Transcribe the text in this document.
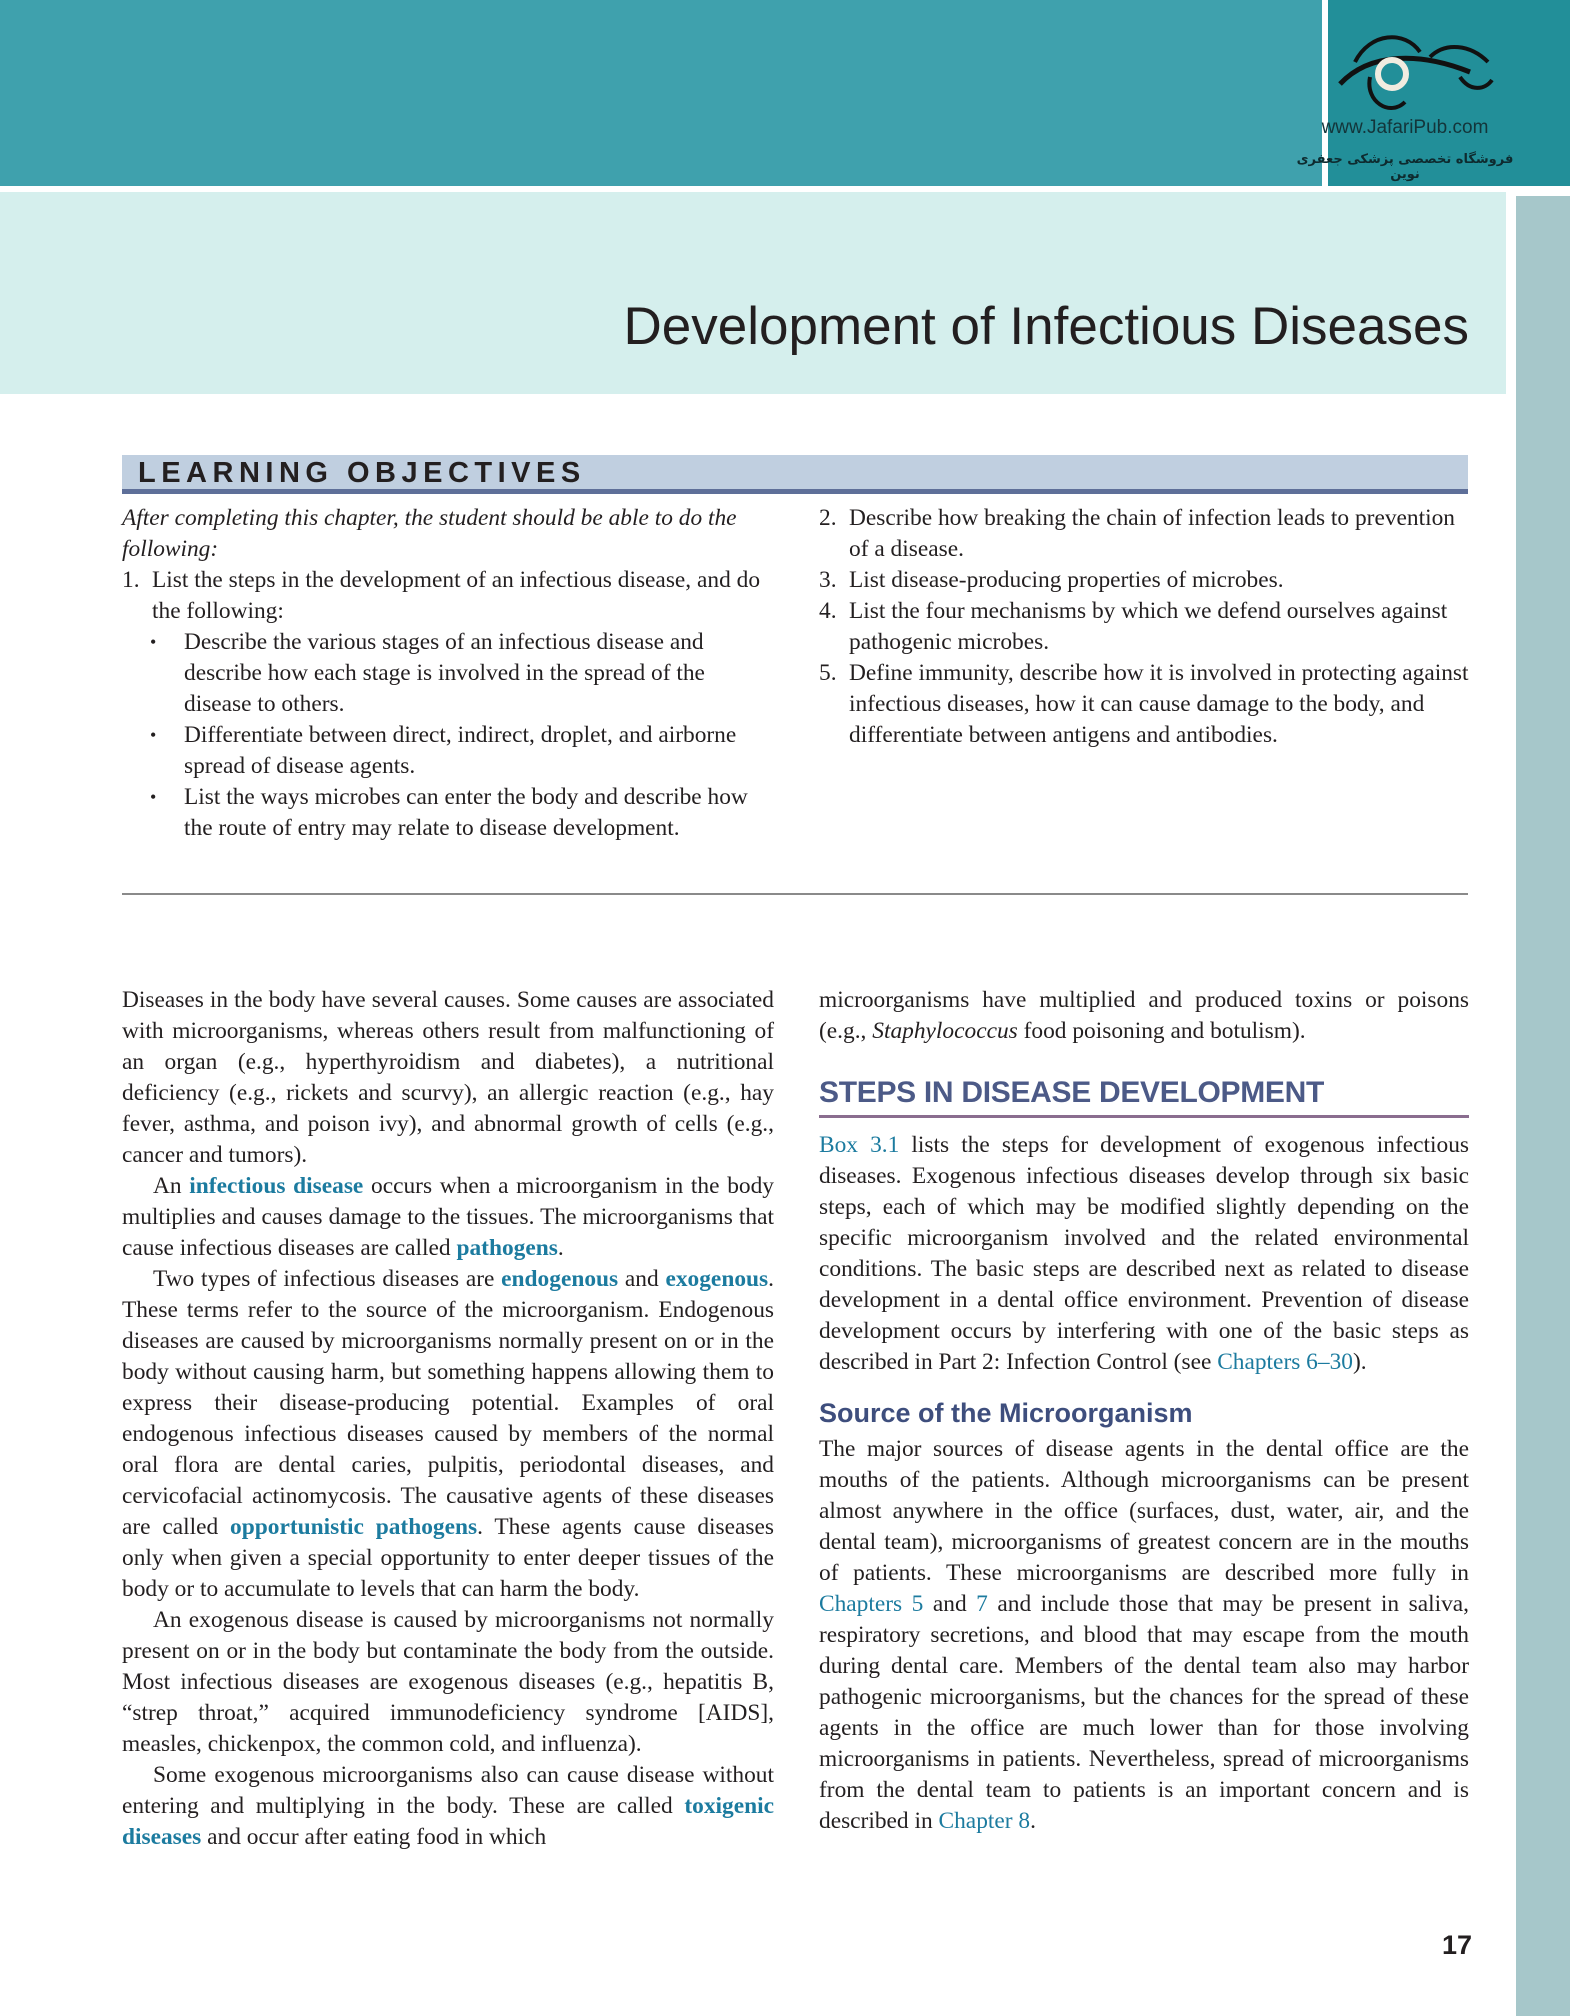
www.JafariPub.com
فروشگاه تخصصی پزشکی جعفری نوین
Development of Infectious Diseases
LEARNING OBJECTIVES
After completing this chapter, the student should be able to do the following:
1. List the steps in the development of an infectious disease, and do the following:
• Describe the various stages of an infectious disease and describe how each stage is involved in the spread of the disease to others.
• Differentiate between direct, indirect, droplet, and airborne spread of disease agents.
• List the ways microbes can enter the body and describe how the route of entry may relate to disease development.
2. Describe how breaking the chain of infection leads to prevention of a disease.
3. List disease-producing properties of microbes.
4. List the four mechanisms by which we defend ourselves against pathogenic microbes.
5. Define immunity, describe how it is involved in protecting against infectious diseases, how it can cause damage to the body, and differentiate between antigens and antibodies.

Diseases in the body have several causes. Some causes are associated with microorganisms, whereas others result from malfunctioning of an organ (e.g., hyperthyroidism and diabetes), a nutritional deficiency (e.g., rickets and scurvy), an allergic reaction (e.g., hay fever, asthma, and poison ivy), and abnormal growth of cells (e.g., cancer and tumors).

An infectious disease occurs when a microorganism in the body multiplies and causes damage to the tissues. The microorganisms that cause infectious diseases are called pathogens.

Two types of infectious diseases are endogenous and exogenous. These terms refer to the source of the microorganism. Endogenous diseases are caused by microorganisms normally present on or in the body without causing harm, but something happens allowing them to express their disease-producing potential. Examples of oral endogenous infectious diseases caused by members of the normal oral flora are dental caries, pulpitis, periodontal diseases, and cervicofacial actinomycosis. The causative agents of these diseases are called opportunistic pathogens. These agents cause diseases only when given a special opportunity to enter deeper tissues of the body or to accumulate to levels that can harm the body.

An exogenous disease is caused by microorganisms not normally present on or in the body but contaminate the body from the outside. Most infectious diseases are exogenous diseases (e.g., hepatitis B, “strep throat,” acquired immunodeficiency syndrome [AIDS], measles, chickenpox, the common cold, and influenza).

Some exogenous microorganisms also can cause disease without entering and multiplying in the body. These are called toxigenic diseases and occur after eating food in which

microorganisms have multiplied and produced toxins or poisons (e.g., Staphylococcus food poisoning and botulism).

STEPS IN DISEASE DEVELOPMENT

Box 3.1 lists the steps for development of exogenous infectious diseases. Exogenous infectious diseases develop through six basic steps, each of which may be modified slightly depending on the specific microorganism involved and the related environmental conditions. The basic steps are described next as related to disease development in a dental office environment. Prevention of disease development occurs by interfering with one of the basic steps as described in Part 2: Infection Control (see Chapters 6–30).

Source of the Microorganism

The major sources of disease agents in the dental office are the mouths of the patients. Although microorganisms can be present almost anywhere in the office (surfaces, dust, water, air, and the dental team), microorganisms of greatest concern are in the mouths of patients. These microorganisms are described more fully in Chapters 5 and 7 and include those that may be present in saliva, respiratory secretions, and blood that may escape from the mouth during dental care. Members of the dental team also may harbor pathogenic microorganisms, but the chances for the spread of these agents in the office are much lower than for those involving microorganisms in patients. Nevertheless, spread of microorganisms from the dental team to patients is an important concern and is described in Chapter 8.

17
